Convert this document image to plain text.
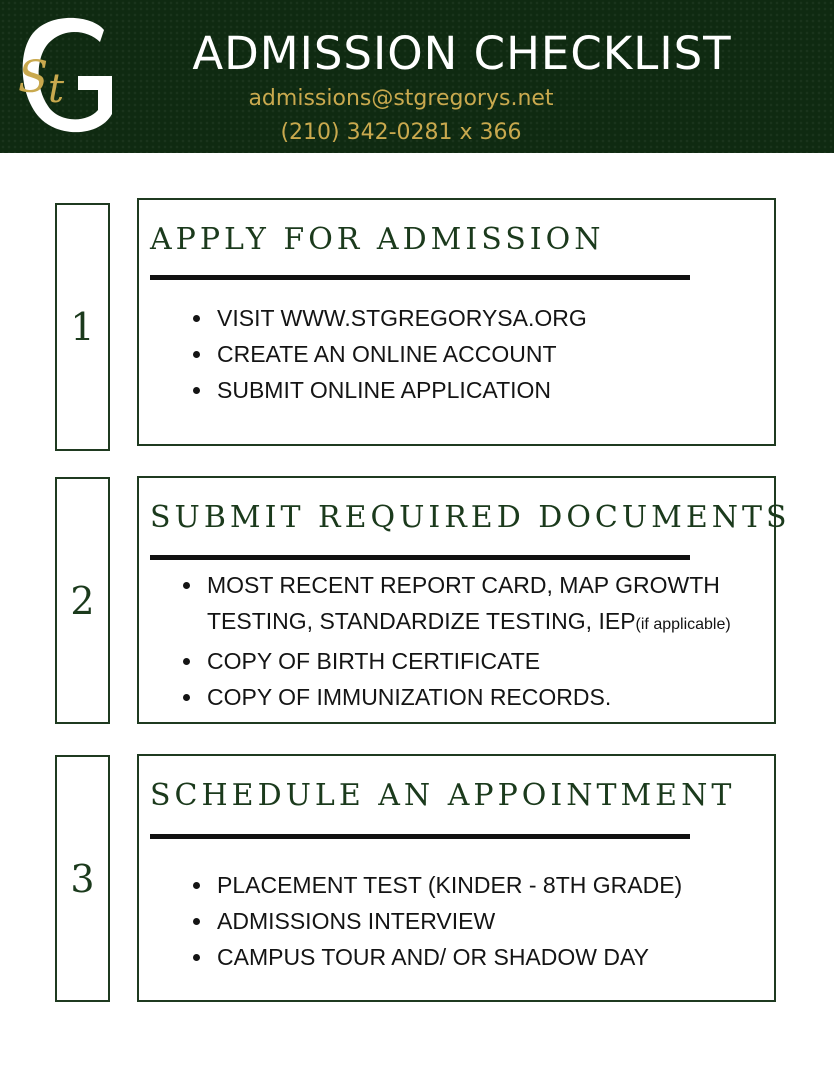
S t
ADMISSION CHECKLIST
admissions@stgregorys.net
(210) 342-0281 x 366
1
APPLY FOR ADMISSION
VISIT WWW.STGREGORYSA.ORG
CREATE AN ONLINE ACCOUNT
SUBMIT ONLINE APPLICATION
2
SUBMIT REQUIRED DOCUMENTS
MOST RECENT REPORT CARD, MAP GROWTH
TESTING, STANDARDIZE TESTING, IEP(if applicable)
COPY OF BIRTH CERTIFICATE
COPY OF IMMUNIZATION RECORDS.
3
SCHEDULE AN APPOINTMENT
PLACEMENT TEST (KINDER - 8TH GRADE)
ADMISSIONS INTERVIEW
CAMPUS TOUR AND/ OR SHADOW DAY
